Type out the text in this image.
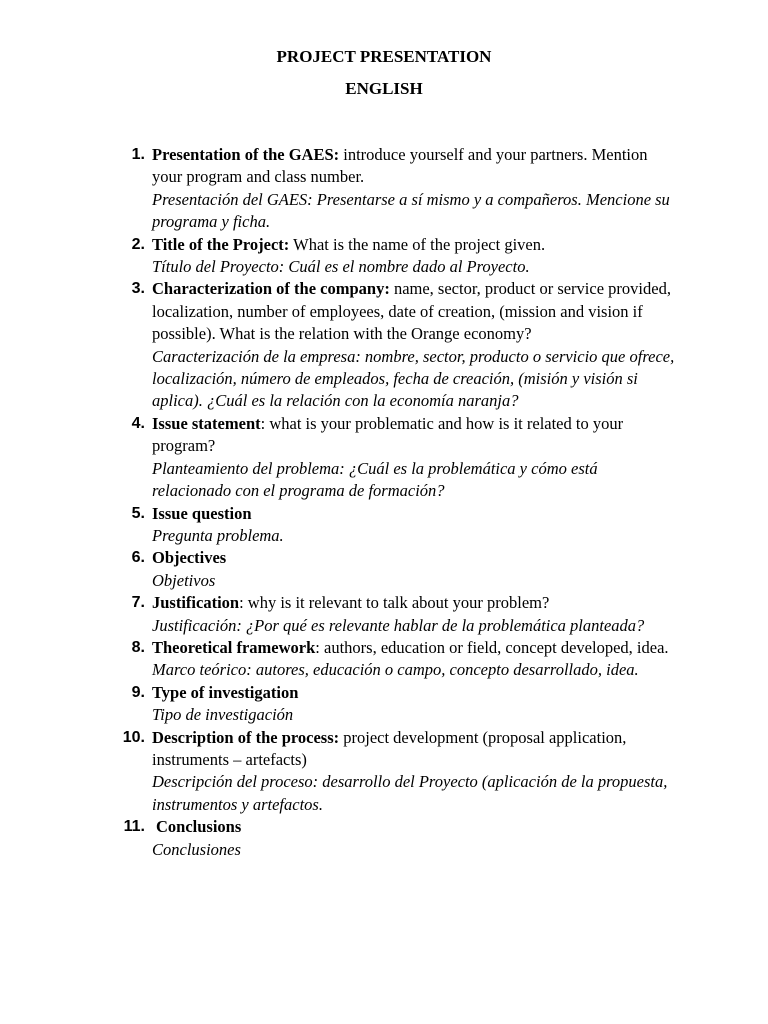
PROJECT PRESENTATION

ENGLISH

1. Presentation of the GAES: introduce yourself and your partners. Mention your program and class number.
Presentación del GAES: Presentarse a sí mismo y a compañeros. Mencione su programa y ficha.
2. Title of the Project: What is the name of the project given.
Título del Proyecto: Cuál es el nombre dado al Proyecto.
3. Characterization of the company: name, sector, product or service provided, localization, number of employees, date of creation, (mission and vision if possible). What is the relation with the Orange economy?
Caracterización de la empresa: nombre, sector, producto o servicio que ofrece, localización, número de empleados, fecha de creación, (misión y visión si aplica). ¿Cuál es la relación con la economía naranja?
4. Issue statement: what is your problematic and how is it related to your program?
Planteamiento del problema: ¿Cuál es la problemática y cómo está relacionado con el programa de formación?
5. Issue question
Pregunta problema.
6. Objectives
Objetivos
7. Justification: why is it relevant to talk about your problem?
Justificación: ¿Por qué es relevante hablar de la problemática planteada?
8. Theoretical framework: authors, education or field, concept developed, idea.
Marco teórico: autores, educación o campo, concepto desarrollado, idea.
9. Type of investigation
Tipo de investigación
10. Description of the process: project development (proposal application, instruments – artefacts)
Descripción del proceso: desarrollo del Proyecto (aplicación de la propuesta, instrumentos y artefactos.
11. Conclusions
Conclusiones
